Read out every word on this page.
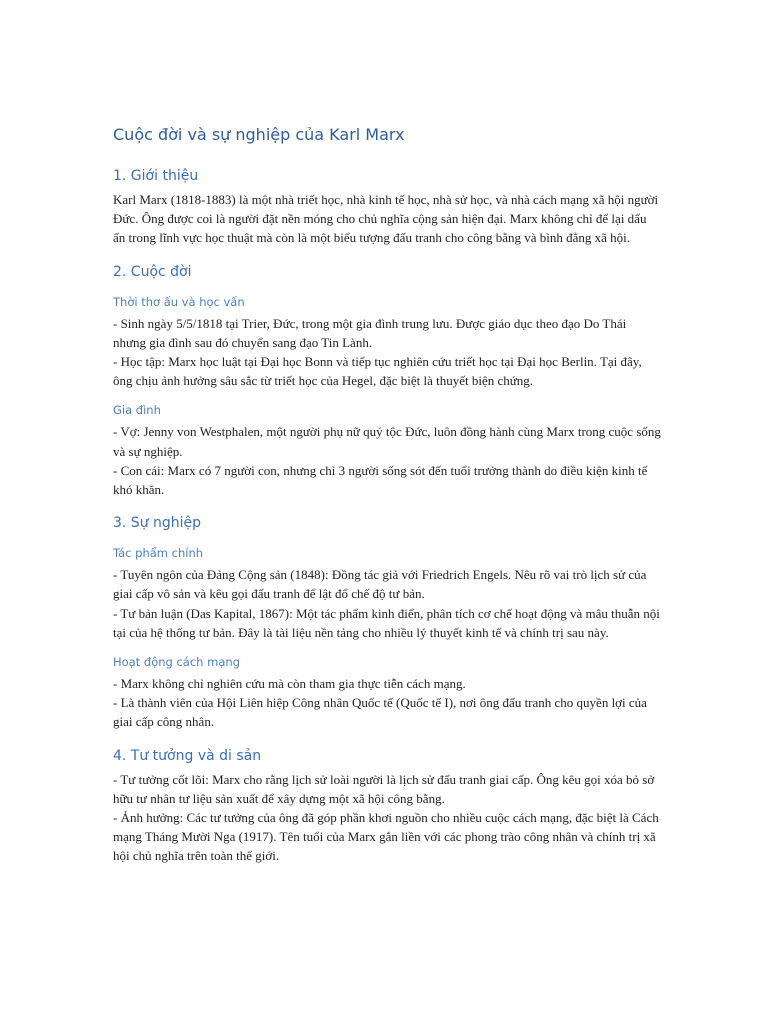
Cuộc đời và sự nghiệp của Karl Marx
1. Giới thiệu

Karl Marx (1818-1883) là một nhà triết học, nhà kinh tế học, nhà sử học, và nhà cách mạng xã hội người Đức. Ông được coi là người đặt nền móng cho chủ nghĩa cộng sản hiện đại. Marx không chỉ để lại dấu ấn trong lĩnh vực học thuật mà còn là một biểu tượng đấu tranh cho công bằng và bình đẳng xã hội.

2. Cuộc đời
Thời thơ ấu và học vấn

- Sinh ngày 5/5/1818 tại Trier, Đức, trong một gia đình trung lưu. Được giáo dục theo đạo Do Thái nhưng gia đình sau đó chuyển sang đạo Tin Lành.

- Học tập: Marx học luật tại Đại học Bonn và tiếp tục nghiên cứu triết học tại Đại học Berlin. Tại đây, ông chịu ảnh hưởng sâu sắc từ triết học của Hegel, đặc biệt là thuyết biện chứng.

Gia đình

- Vợ: Jenny von Westphalen, một người phụ nữ quý tộc Đức, luôn đồng hành cùng Marx trong cuộc sống và sự nghiệp.

- Con cái: Marx có 7 người con, nhưng chỉ 3 người sống sót đến tuổi trưởng thành do điều kiện kinh tế khó khăn.

3. Sự nghiệp
Tác phẩm chính

- Tuyên ngôn của Đảng Cộng sản (1848): Đồng tác giả với Friedrich Engels. Nêu rõ vai trò lịch sử của giai cấp vô sản và kêu gọi đấu tranh để lật đổ chế độ tư bản.

- Tư bản luận (Das Kapital, 1867): Một tác phẩm kinh điển, phân tích cơ chế hoạt động và mâu thuẫn nội tại của hệ thống tư bản. Đây là tài liệu nền tảng cho nhiều lý thuyết kinh tế và chính trị sau này.

Hoạt động cách mạng

- Marx không chỉ nghiên cứu mà còn tham gia thực tiễn cách mạng.

- Là thành viên của Hội Liên hiệp Công nhân Quốc tế (Quốc tế I), nơi ông đấu tranh cho quyền lợi của giai cấp công nhân.

4. Tư tưởng và di sản

- Tư tưởng cốt lõi: Marx cho rằng lịch sử loài người là lịch sử đấu tranh giai cấp. Ông kêu gọi xóa bỏ sở hữu tư nhân tư liệu sản xuất để xây dựng một xã hội công bằng.

- Ảnh hưởng: Các tư tưởng của ông đã góp phần khơi nguồn cho nhiều cuộc cách mạng, đặc biệt là Cách mạng Tháng Mười Nga (1917). Tên tuổi của Marx gắn liền với các phong trào công nhân và chính trị xã hội chủ nghĩa trên toàn thế giới.
